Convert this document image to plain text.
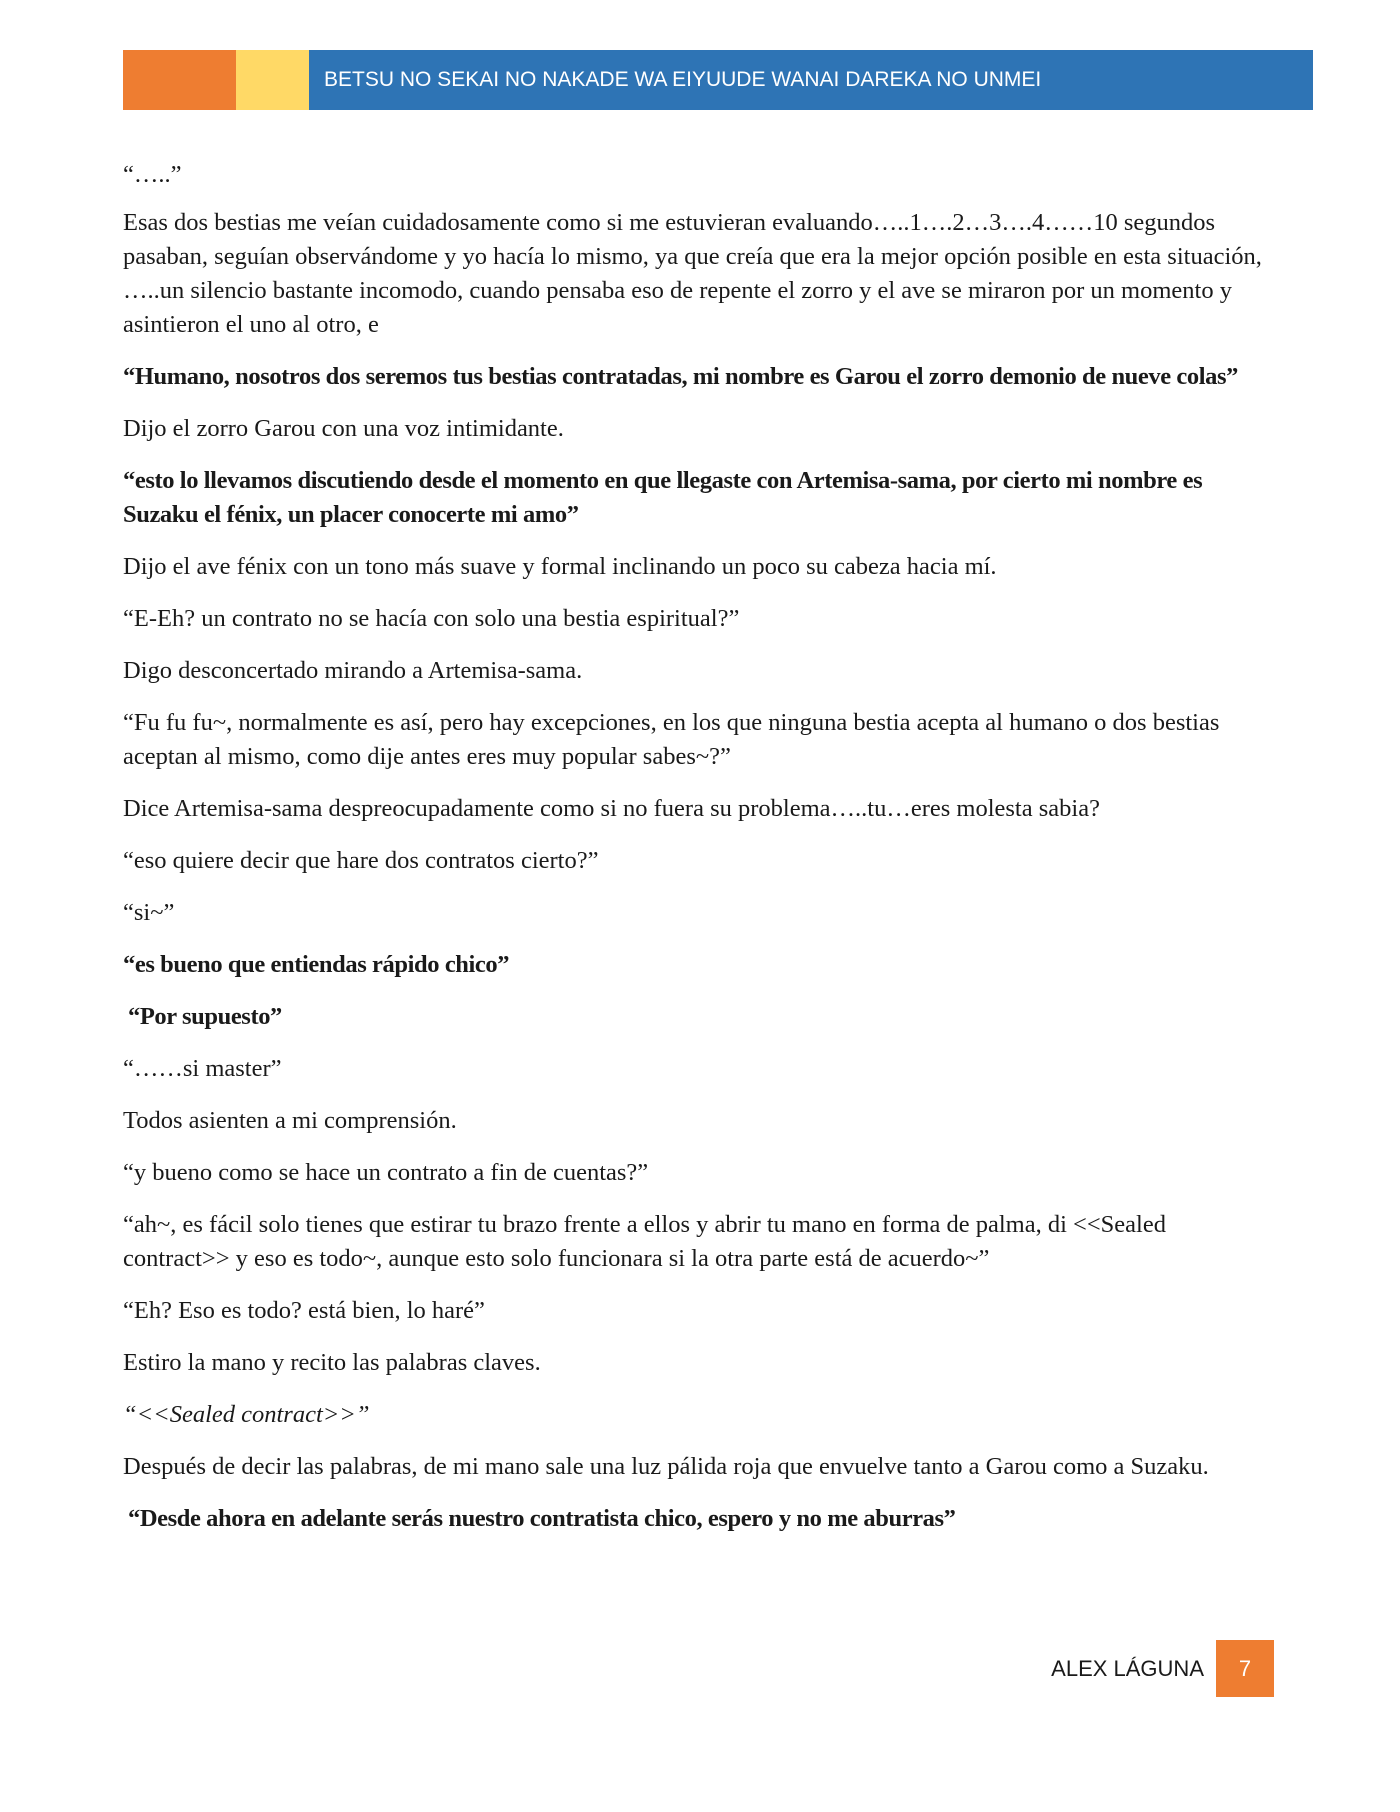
BETSU NO SEKAI NO NAKADE WA EIYUUDE WANAI DAREKA NO UNMEI

“…..”

Esas dos bestias me veían cuidadosamente como si me estuvieran evaluando…..1….2…3….4……10 segundos pasaban, seguían observándome y yo hacía lo mismo, ya que creía que era la mejor opción posible en esta situación, …..un silencio bastante incomodo, cuando pensaba eso de repente el zorro y el ave se miraron por un momento y asintieron el uno al otro, e

“Humano, nosotros dos seremos tus bestias contratadas, mi nombre es Garou el zorro demonio de nueve colas”

Dijo el zorro Garou con una voz intimidante.

“esto lo llevamos discutiendo desde el momento en que llegaste con Artemisa-sama, por cierto mi nombre es Suzaku el fénix, un placer conocerte mi amo”

Dijo el ave fénix con un tono más suave y formal inclinando un poco su cabeza hacia mí.

“E-Eh? un contrato no se hacía con solo una bestia espiritual?”

Digo desconcertado mirando a Artemisa-sama.

“Fu fu fu~, normalmente es así, pero hay excepciones, en los que ninguna bestia acepta al humano o dos bestias aceptan al mismo, como dije antes eres muy popular sabes~?”

Dice Artemisa-sama despreocupadamente como si no fuera su problema…..tu…eres molesta sabia?

“eso quiere decir que hare dos contratos cierto?”

“si~”

“es bueno que entiendas rápido chico”

“Por supuesto”

“……si master”

Todos asienten a mi comprensión.

“y bueno como se hace un contrato a fin de cuentas?”

“ah~, es fácil solo tienes que estirar tu brazo frente a ellos y abrir tu mano en forma de palma, di <<Sealed contract>> y eso es todo~, aunque esto solo funcionara si la otra parte está de acuerdo~”

“Eh? Eso es todo? está bien, lo haré”

Estiro la mano y recito las palabras claves.

“<<Sealed contract>>”

Después de decir las palabras, de mi mano sale una luz pálida roja que envuelve tanto a Garou como a Suzaku.

“Desde ahora en adelante serás nuestro contratista chico, espero y no me aburras”

ALEX LÁGUNA	7
